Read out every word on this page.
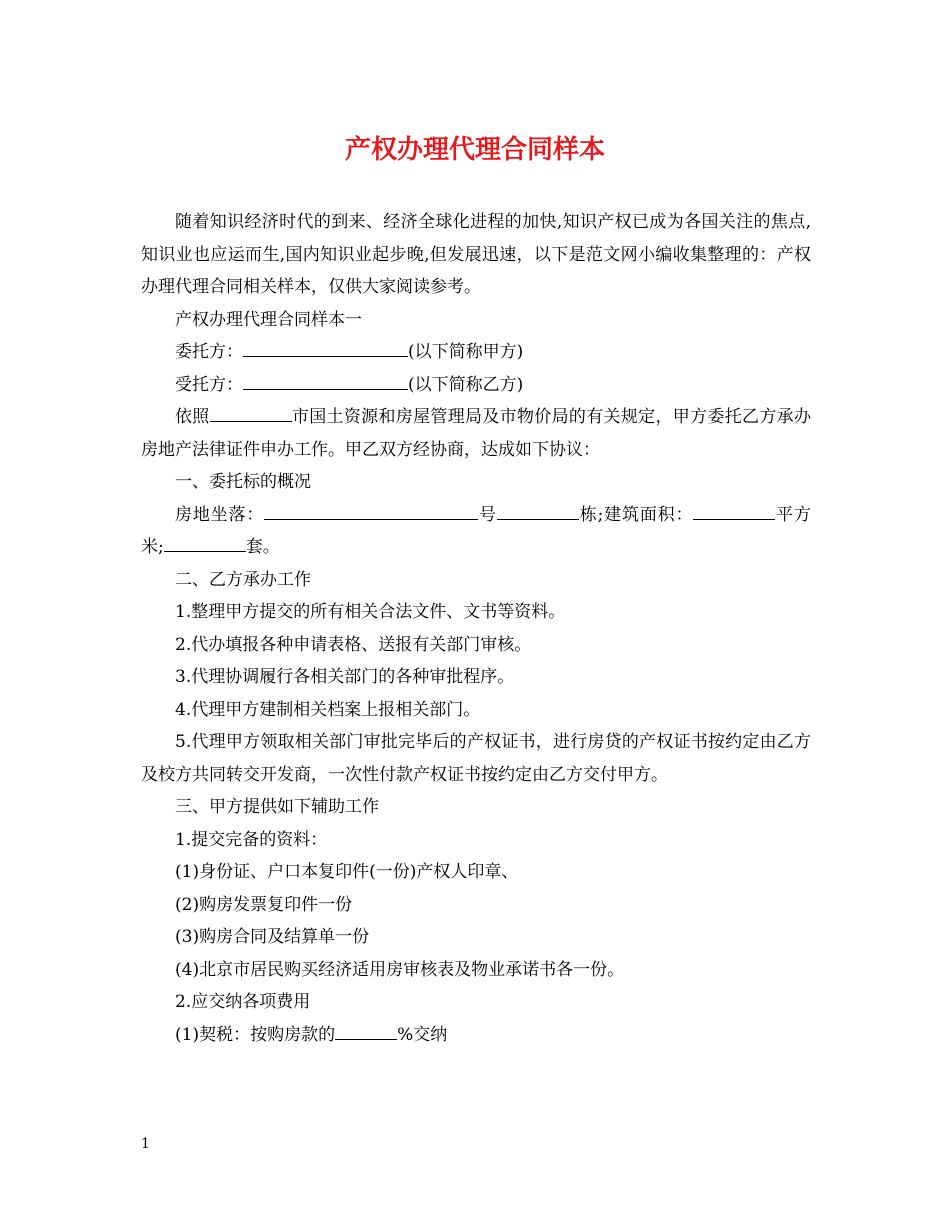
产权办理代理合同样本

随着知识经济时代的到来、经济全球化进程的加快,知识产权已成为各国关注的焦点,知识业也应运而生,国内知识业起步晚,但发展迅速，以下是范文网小编收集整理的：产权办理代理合同相关样本，仅供大家阅读参考。

产权办理代理合同样本一

委托方：	(以下简称甲方)

受托方：	(以下简称乙方)

依照	市国土资源和房屋管理局及市物价局的有关规定，甲方委托乙方承办房地产法律证件申办工作。甲乙双方经协商，达成如下协议：

一、委托标的概况

房地坐落：	号	栋;建筑面积：	平方米;	套。

二、乙方承办工作

1.整理甲方提交的所有相关合法文件、文书等资料。

2.代办填报各种申请表格、送报有关部门审核。

3.代理协调履行各相关部门的各种审批程序。

4.代理甲方建制相关档案上报相关部门。

5.代理甲方领取相关部门审批完毕后的产权证书，进行房贷的产权证书按约定由乙方及校方共同转交开发商，一次性付款产权证书按约定由乙方交付甲方。

三、甲方提供如下辅助工作

1.提交完备的资料：

(1)身份证、户口本复印件(一份)产权人印章、

(2)购房发票复印件一份

(3)购房合同及结算单一份

(4)北京市居民购买经济适用房审核表及物业承诺书各一份。

2.应交纳各项费用

(1)契税：按购房款的	%交纳

1
